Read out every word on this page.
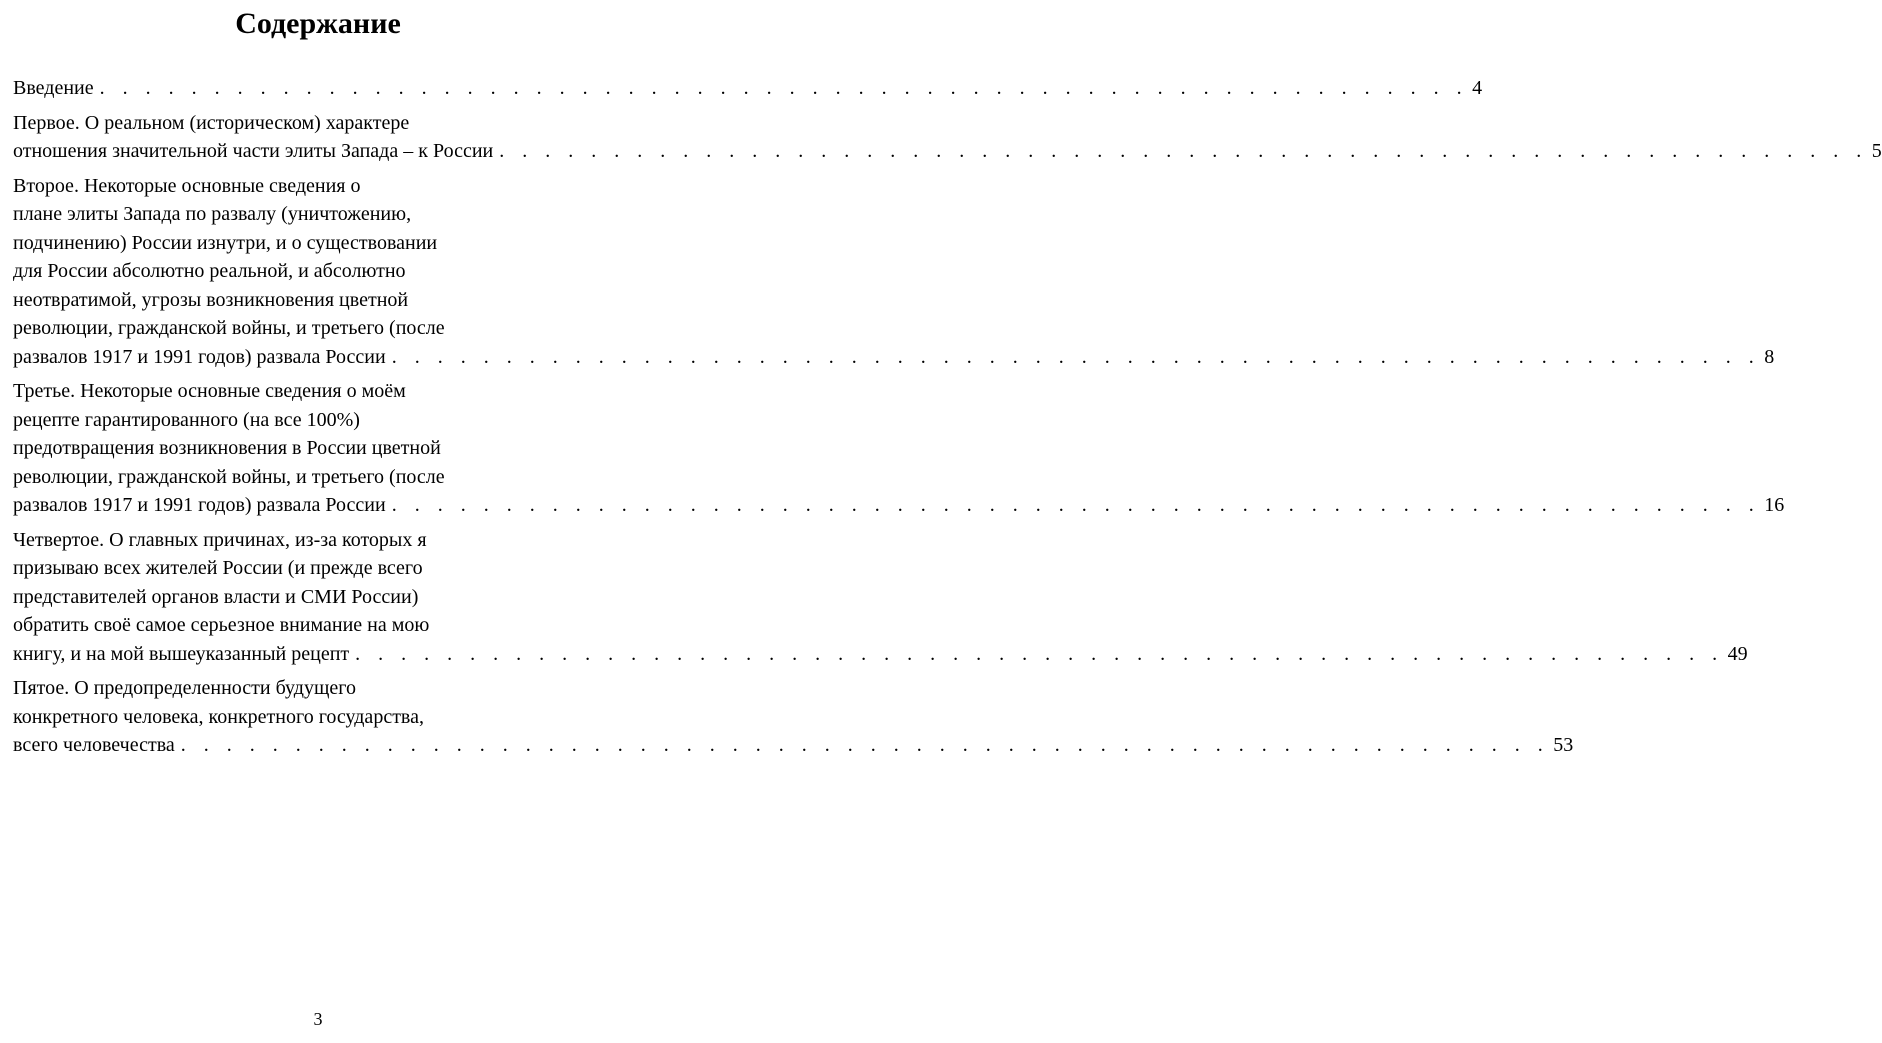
Содержание
Введение . . . . . . . . . . . . . . . . . . . . . . . . . . . . . . . . . . . . . . . . . . . . . . . . . . . . . . . . . . . . 4
Первое. О реальном (историческом) характере
отношения значительной части элиты Запада – к России . . . . . . . . . . . . . . . . . . . . . . . . . . . . . . . . . . . . . . . . . . . . . . . . . . . . . . . . . . . . 5
Второе. Некоторые основные сведения о
плане элиты Запада по развалу (уничтожению,
подчинению) России изнутри, и о существовании
для России абсолютно реальной, и абсолютно
неотвратимой, угрозы возникновения цветной
революции, гражданской войны, и третьего (после
развалов 1917 и 1991 годов) развала России . . . . . . . . . . . . . . . . . . . . . . . . . . . . . . . . . . . . . . . . . . . . . . . . . . . . . . . . . . . . 8
Третье. Некоторые основные сведения о моём
рецепте гарантированного (на все 100%)
предотвращения возникновения в России цветной
революции, гражданской войны, и третьего (после
развалов 1917 и 1991 годов) развала России . . . . . . . . . . . . . . . . . . . . . . . . . . . . . . . . . . . . . . . . . . . . . . . . . . . . . . . . . . . . 16
Четвертое. О главных причинах, из-за которых я
призываю всех жителей России (и прежде всего
представителей органов власти и СМИ России)
обратить своё самое серьезное внимание на мою
книгу, и на мой вышеуказанный рецепт . . . . . . . . . . . . . . . . . . . . . . . . . . . . . . . . . . . . . . . . . . . . . . . . . . . . . . . . . . . . 49
Пятое. О предопределенности будущего
конкретного человека, конкретного государства,
всего человечества . . . . . . . . . . . . . . . . . . . . . . . . . . . . . . . . . . . . . . . . . . . . . . . . . . . . . . . . . . . . 53
3
